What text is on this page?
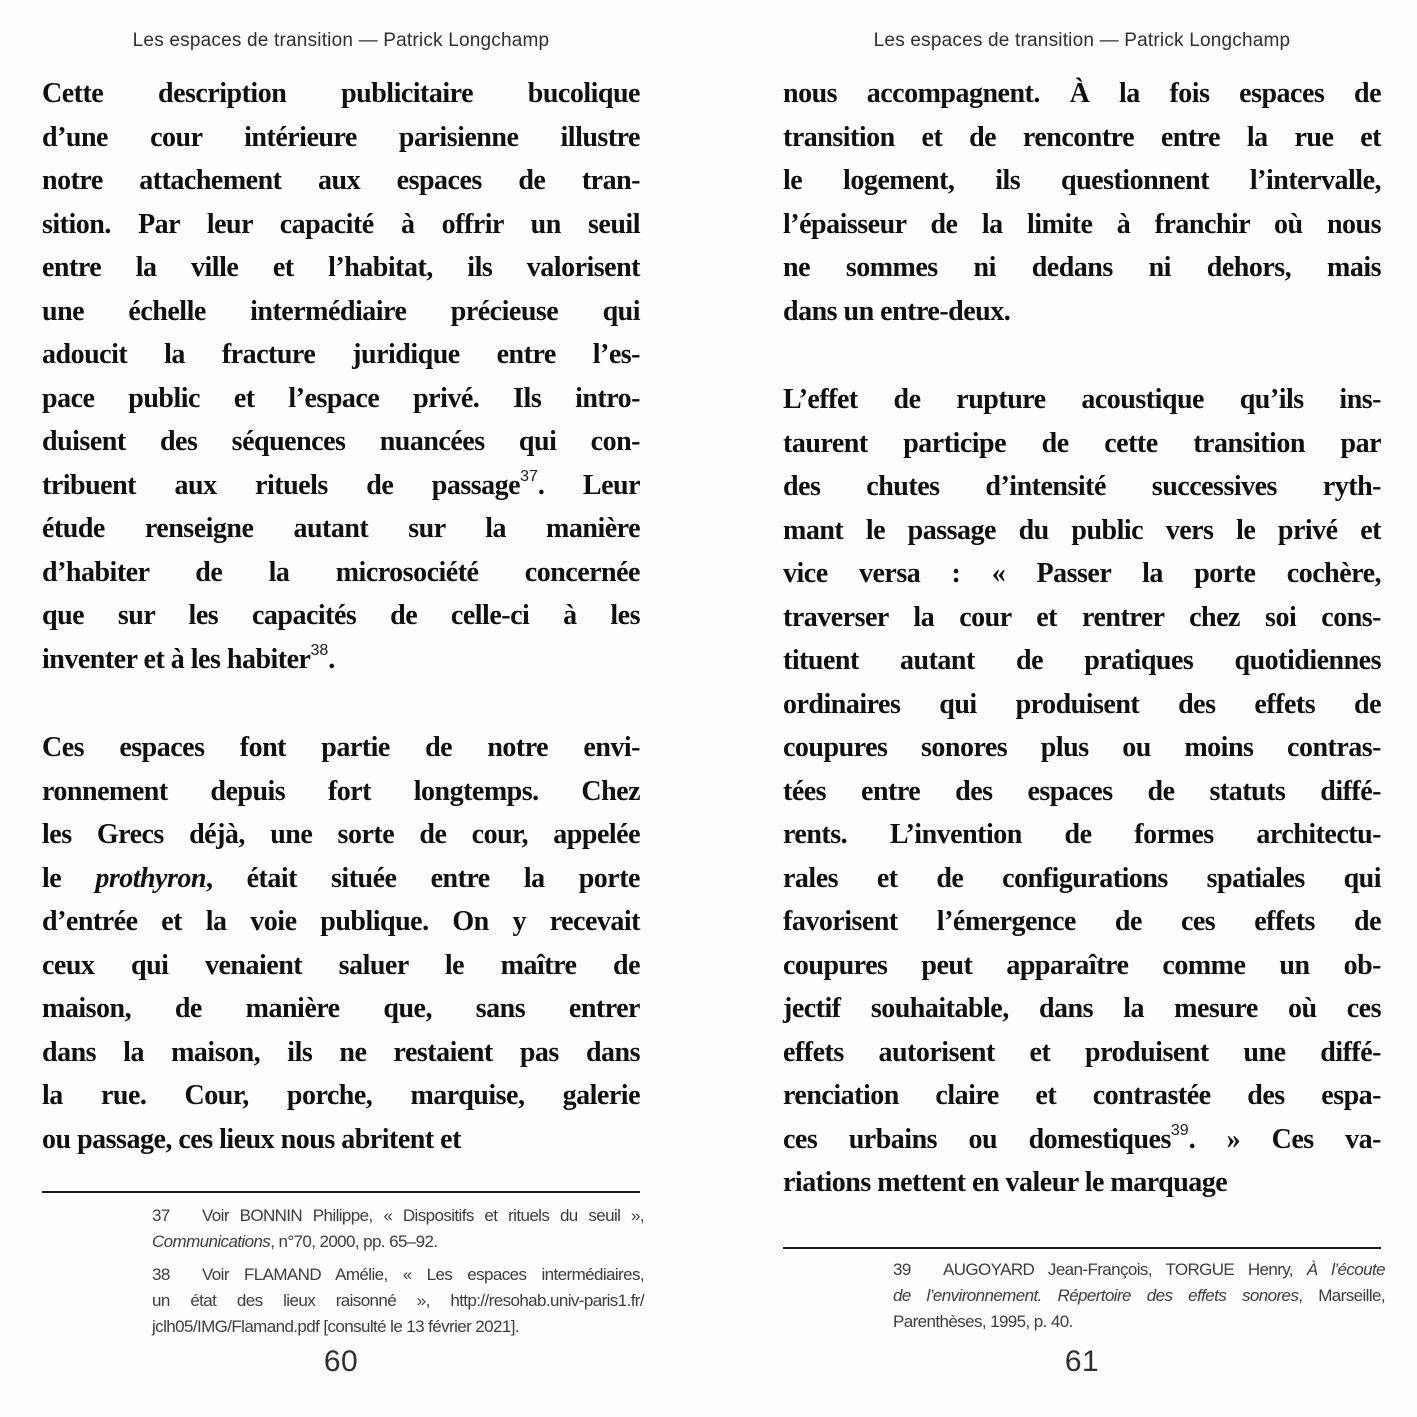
Les espaces de transition — Patrick Longchamp
Cette description publicitaire bucolique
d’une cour intérieure parisienne illustre
notre attachement aux espaces de tran-
sition. Par leur capacité à offrir un seuil
entre la ville et l’habitat, ils valorisent
une échelle intermédiaire précieuse qui
adoucit la fracture juridique entre l’es-
pace public et l’espace privé. Ils intro-
duisent des séquences nuancées qui con-
tribuent aux rituels de passage$^{37}$. Leur
étude renseigne autant sur la manière
d’habiter de la microsociété concernée
que sur les capacités de celle-ci à les
inventer et à les habiter$^{38}$.
Ces espaces font partie de notre envi-
ronnement depuis fort longtemps. Chez
les Grecs déjà, une sorte de cour, appelée
le prothyron, était située entre la porte
d’entrée et la voie publique. On y recevait
ceux qui venaient saluer le maître de
maison, de manière que, sans entrer
dans la maison, ils ne restaient pas dans
la rue. Cour, porche, marquise, galerie
ou passage, ces lieux nous abritent et
37 Voir BONNIN Philippe, « Dispositifs et rituels du seuil »,
Communications, n°70, 2000, pp. 65–92.
38 Voir FLAMAND Amélie, « Les espaces intermédiaires,
un état des lieux raisonné », http://resohab.univ-paris1.fr/
jclh05/IMG/Flamand.pdf [consulté le 13 février 2021].
60
Les espaces de transition — Patrick Longchamp
nous accompagnent. À la fois espaces de
transition et de rencontre entre la rue et
le logement, ils questionnent l’intervalle,
l’épaisseur de la limite à franchir où nous
ne sommes ni dedans ni dehors, mais
dans un entre-deux.
L’effet de rupture acoustique qu’ils ins-
taurent participe de cette transition par
des chutes d’intensité successives ryth-
mant le passage du public vers le privé et
vice versa : « Passer la porte cochère,
traverser la cour et rentrer chez soi cons-
tituent autant de pratiques quotidiennes
ordinaires qui produisent des effets de
coupures sonores plus ou moins contras-
tées entre des espaces de statuts diffé-
rents. L’invention de formes architectu-
rales et de configurations spatiales qui
favorisent l’émergence de ces effets de
coupures peut apparaître comme un ob-
jectif souhaitable, dans la mesure où ces
effets autorisent et produisent une diffé-
renciation claire et contrastée des espa-
ces urbains ou domestiques$^{39}$. » Ces va-
riations mettent en valeur le marquage
39 AUGOYARD Jean-François, TORGUE Henry, À l’écoute
de l’environnement. Répertoire des effets sonores, Marseille,
Parenthèses, 1995, p. 40.
61
